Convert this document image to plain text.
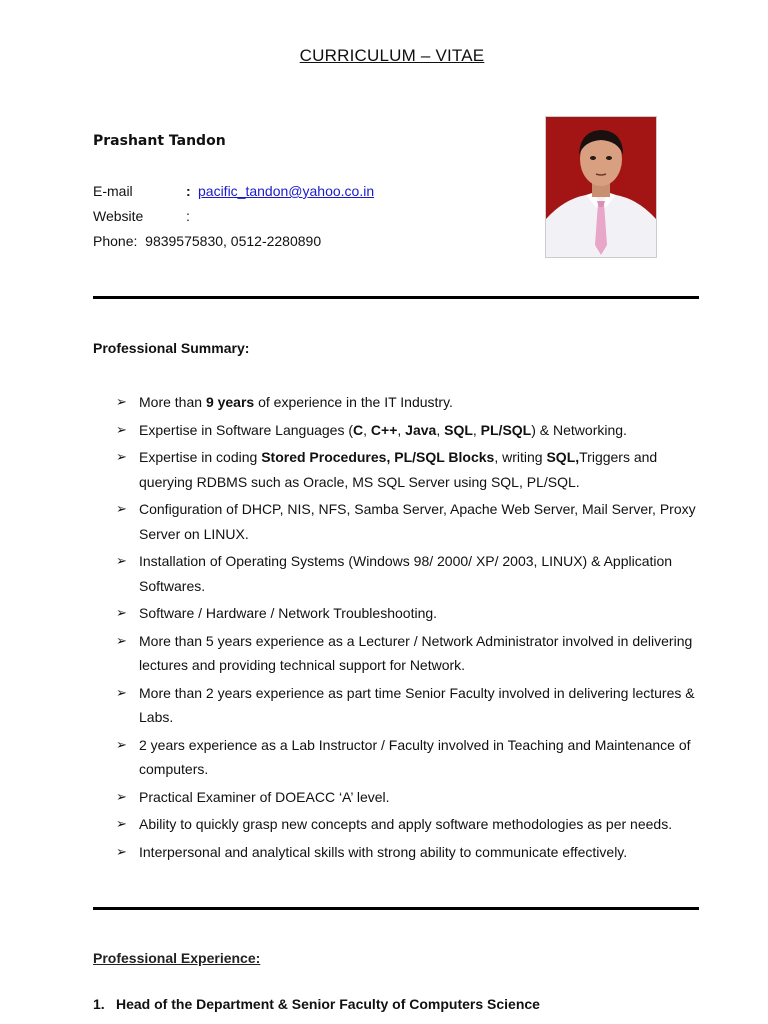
CURRICULUM – VITAE
Prashant Tandon
E-mail	: pacific_tandon@yahoo.co.in
Website	:
Phone: 9839575830, 0512-2280890
Professional Summary:
➢ More than 9 years of experience in the IT Industry.
➢ Expertise in Software Languages (C, C++, Java, SQL, PL/SQL) & Networking.
➢ Expertise in coding Stored Procedures, PL/SQL Blocks, writing SQL,Triggers and querying RDBMS such as Oracle, MS SQL Server using SQL, PL/SQL.
➢ Configuration of DHCP, NIS, NFS, Samba Server, Apache Web Server, Mail Server, Proxy Server on LINUX.
➢ Installation of Operating Systems (Windows 98/ 2000/ XP/ 2003, LINUX) & Application Softwares.
➢ Software / Hardware / Network Troubleshooting.
➢ More than 5 years experience as a Lecturer / Network Administrator involved in delivering lectures and providing technical support for Network.
➢ More than 2 years experience as part time Senior Faculty involved in delivering lectures & Labs.
➢ 2 years experience as a Lab Instructor / Faculty involved in Teaching and Maintenance of computers.
➢ Practical Examiner of DOEACC ‘A’ level.
➢ Ability to quickly grasp new concepts and apply software methodologies as per needs.
➢ Interpersonal and analytical skills with strong ability to communicate effectively.
Professional Experience:
1. Head of the Department & Senior Faculty of Computers Science
